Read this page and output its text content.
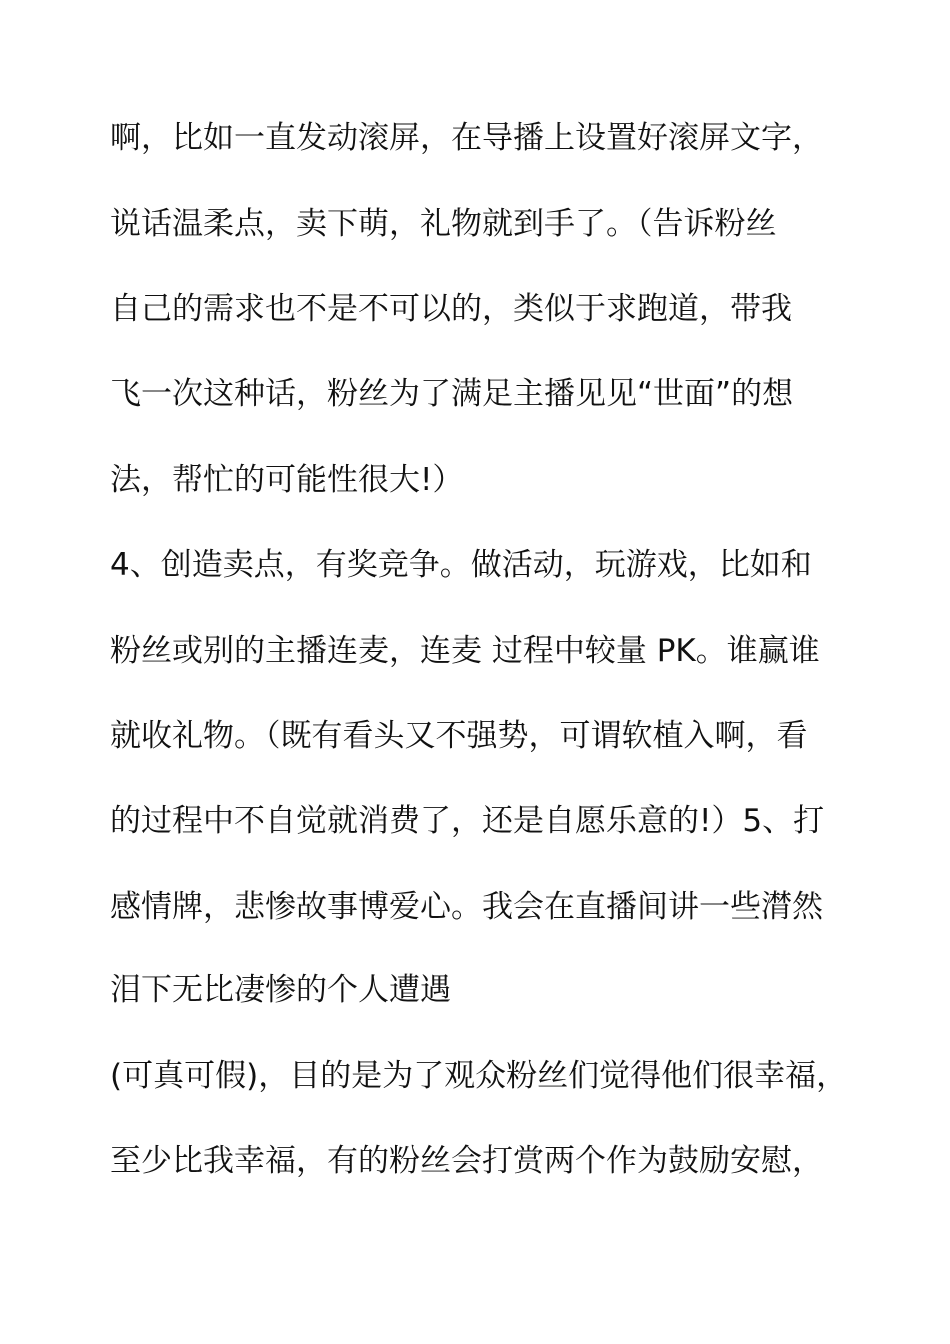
啊，比如一直发动滚屏，在导播上设置好滚屏文字，
说话温柔点，卖下萌，礼物就到手了。（告诉粉丝
自己的需求也不是不可以的，类似于求跑道，带我
飞一次这种话，粉丝为了满足主播见见“世面”的想
法，帮忙的可能性很大!）
4、创造卖点，有奖竞争。做活动，玩游戏，比如和
粉丝或别的主播连麦，连麦 过程中较量 PK。谁赢谁
就收礼物。（既有看头又不强势，可谓软植入啊，看
的过程中不自觉就消费了，还是自愿乐意的!）5、打
感情牌，悲惨故事博爱心。我会在直播间讲一些潸然
泪下无比凄惨的个人遭遇
(可真可假)，目的是为了观众粉丝们觉得他们很幸福，
至少比我幸福，有的粉丝会打赏两个作为鼓励安慰，
